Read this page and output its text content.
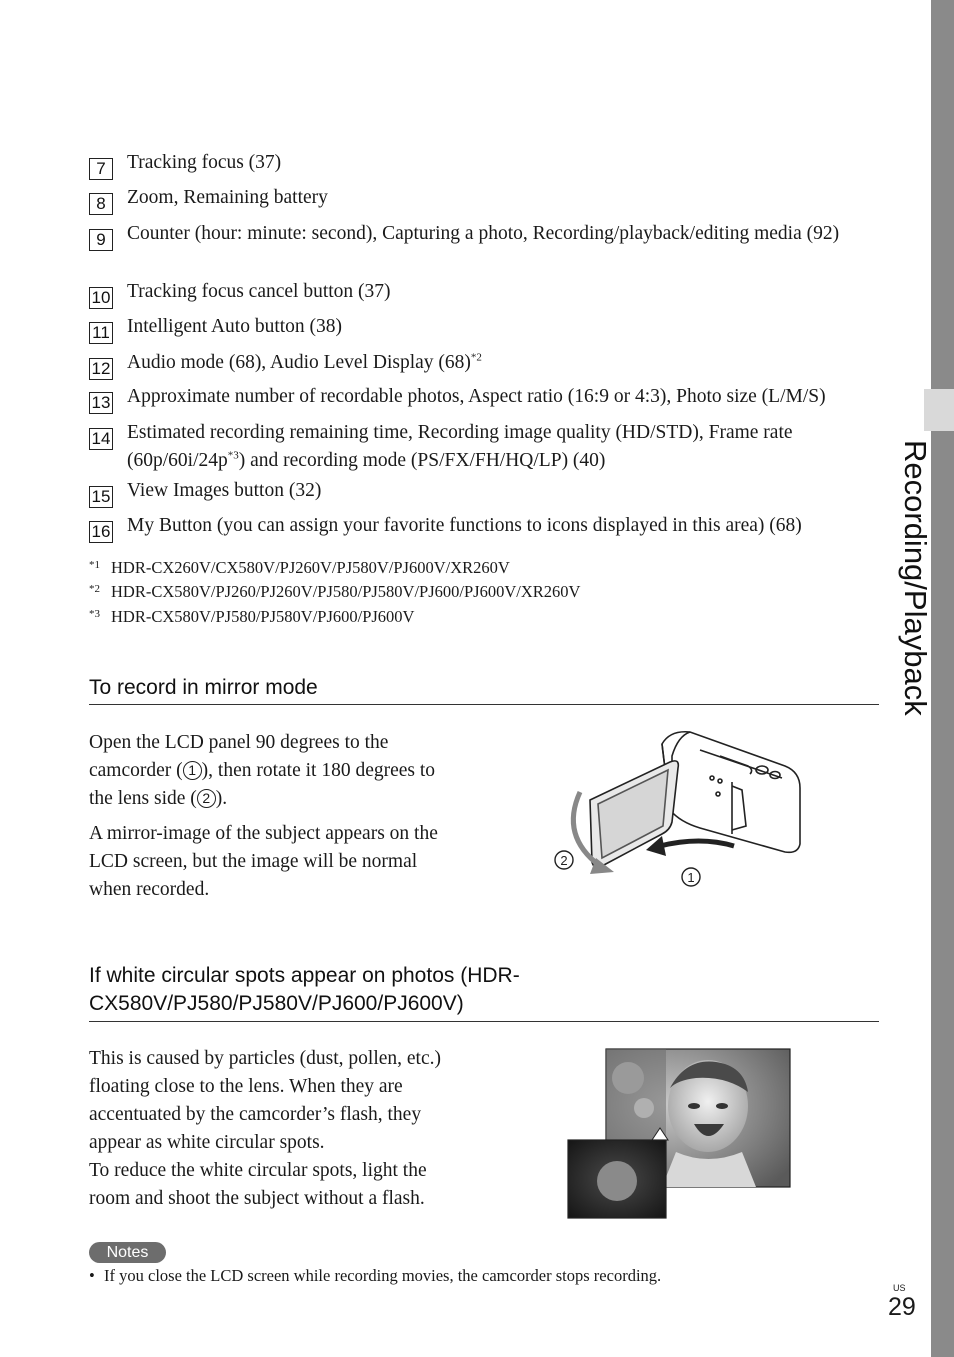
Recording/Playback
7	Tracking focus (37)
8	Zoom, Remaining battery
9	Counter (hour: minute: second), Capturing a photo, Recording/playback/editing media (92)
10 Tracking focus cancel button (37)
11 Intelligent Auto button (38)
12 Audio mode (68), Audio Level Display $(68)^{*2}$
13 Approximate number of recordable photos, Aspect ratio (16:9 or 4:3), Photo size (L/M/S)
14 Estimated recording remaining time, Recording image quality (HD/STD), Frame rate $(60p/60i/24p^{*3})$ and recording mode (PS/FX/FH/HQ/LP) (40)
15 View Images button (32)
16 My Button (you can assign your favorite functions to icons displayed in this area) (68)
*1 HDR-CX260V/CX580V/PJ260V/PJ580V/PJ600V/XR260V
*2 HDR-CX580V/PJ260/PJ260V/PJ580/PJ580V/PJ600/PJ600V/XR260V
*3 HDR-CX580V/PJ580/PJ580V/PJ600/PJ600V
To record in mirror mode
Open the LCD panel 90 degrees to the camcorder ( 1 ), then rotate it 180 degrees to the lens side ( 2 ).
A mirror-image of the subject appears on the LCD screen, but the image will be normal when recorded.
2
1
If white circular spots appear on photos (HDR-CX580V/PJ580/PJ580V/PJ600/PJ600V)
This is caused by particles (dust, pollen, etc.) floating close to the lens. When they are accentuated by the camcorder’s flash, they appear as white circular spots.
To reduce the white circular spots, light the room and shoot the subject without a flash.
Notes
• If you close the LCD screen while recording movies, the camcorder stops recording.
US
29
